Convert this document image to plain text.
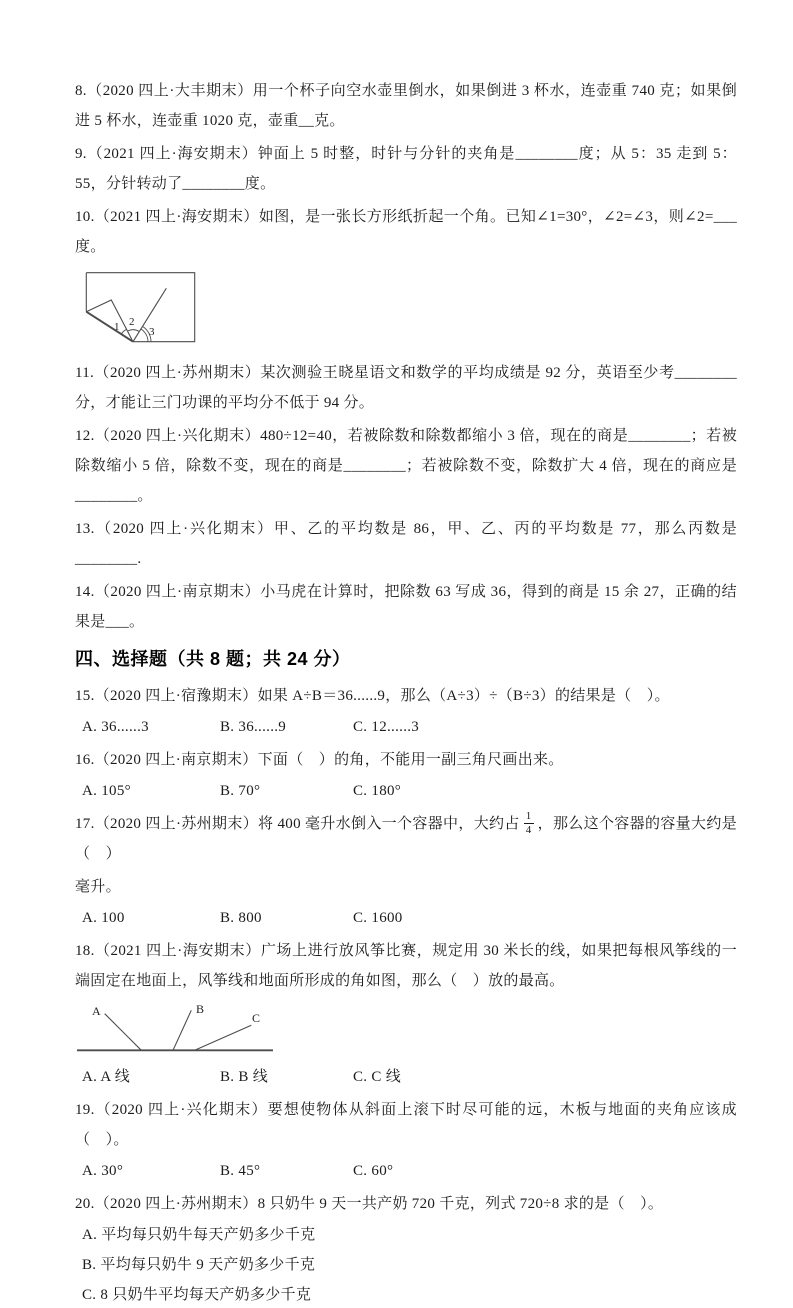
8.（2020 四上·大丰期末）用一个杯子向空水壶里倒水，如果倒进 3 杯水，连壶重 740 克；如果倒进 5 杯水，连壶重 1020 克，壶重__克。

9.（2021 四上·海安期末）钟面上 5 时整，时针与分针的夹角是________度；从 5：35 走到 5：55，分针转动了________度。

10.（2021 四上·海安期末）如图，是一张长方形纸折起一个角。已知∠1=30°，∠2=∠3，则∠2=___度。

1 2
3

11.（2020 四上·苏州期末）某次测验王晓星语文和数学的平均成绩是 92 分，英语至少考________分，才能让三门功课的平均分不低于 94 分。

12.（2020 四上·兴化期末）480÷12=40，若被除数和除数都缩小 3 倍，现在的商是________；若被除数缩小 5 倍，除数不变，现在的商是________；若被除数不变，除数扩大 4 倍，现在的商应是________。

13.（2020 四上·兴化期末）甲、乙的平均数是 86，甲、乙、丙的平均数是 77，那么丙数是________.

14.（2020 四上·南京期末）小马虎在计算时，把除数 63 写成 36，得到的商是 15 余 27，正确的结果是___。

四、选择题（共 8 题；共 24 分）

15.（2020 四上·宿豫期末）如果 A÷B＝36......9，那么（A÷3）÷（B÷3）的结果是（　）。

A. 36......3	B. 36......9	C. 12......3

16.（2020 四上·南京期末）下面（　）的角，不能用一副三角尺画出来。

A. 105°	B. 70°	C. 180°

17.（2020 四上·苏州期末）将 400 毫升水倒入一个容器中，大约占 $\frac{1}{4}$ ，那么这个容器的容量大约是（　）

毫升。

A. 100	B. 800	C. 1600

18.（2021 四上·海安期末）广场上进行放风筝比赛，规定用 30 米长的线，如果把每根风筝线的一端固定在地面上，风筝线和地面所形成的角如图，那么（　）放的最高。

A	B
C
A. A 线	B. B 线	C. C 线

19.（2020 四上·兴化期末）要想使物体从斜面上滚下时尽可能的远，木板与地面的夹角应该成（　）。

A. 30°	B. 45°	C. 60°

20.（2020 四上·苏州期末）8 只奶牛 9 天一共产奶 720 千克，列式 720÷8 求的是（　）。

A. 平均每只奶牛每天产奶多少千克

B. 平均每只奶牛 9 天产奶多少千克

C. 8 只奶牛平均每天产奶多少千克
